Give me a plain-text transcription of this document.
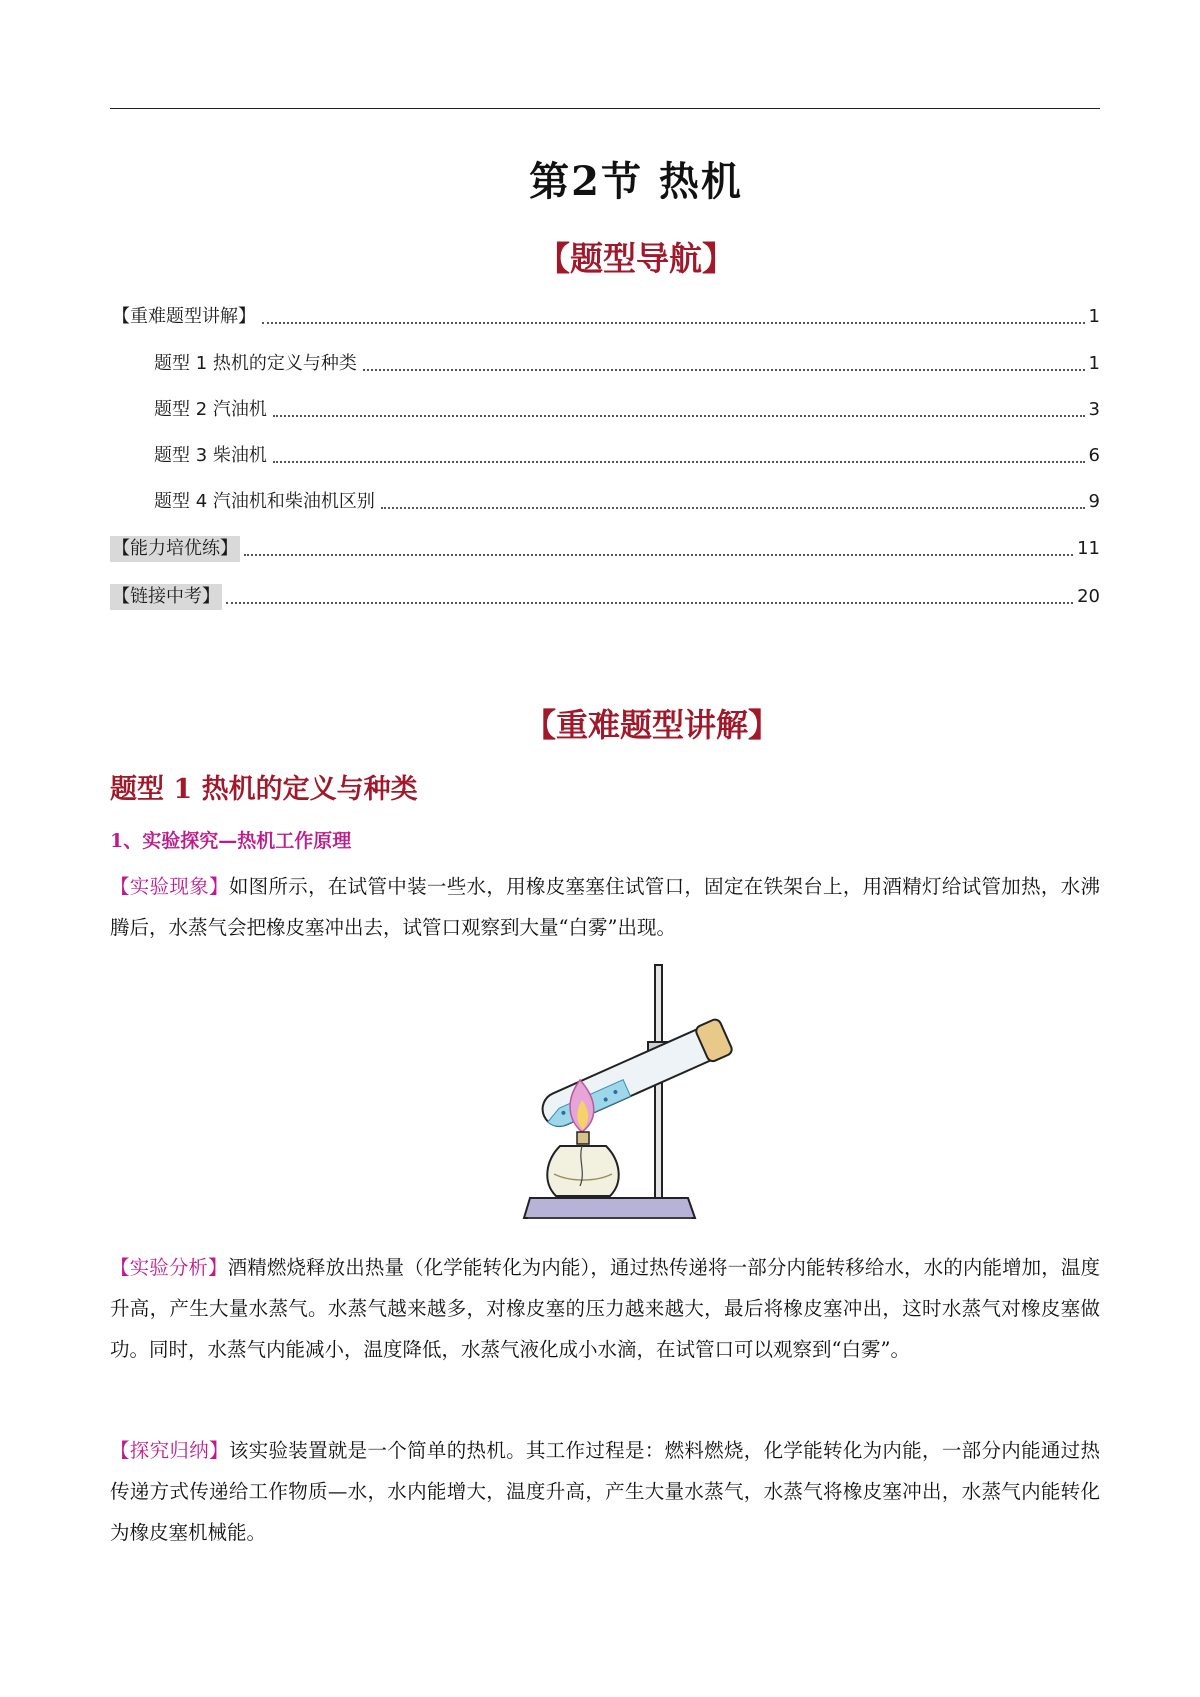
第2节 热机
【题型导航】
【重难题型讲解】	1
题型 1 热机的定义与种类	1
题型 2 汽油机	3
题型 3 柴油机	6
题型 4 汽油机和柴油机区别	9
【能力培优练】	11
【链接中考】	20
【重难题型讲解】
题型 1 热机的定义与种类
1、实验探究—热机工作原理

【实验现象】如图所示，在试管中装一些水，用橡皮塞塞住试管口，固定在铁架台上，用酒精灯给试管加热，水沸腾后，水蒸气会把橡皮塞冲出去，试管口观察到大量“白雾”出现。

【实验分析】酒精燃烧释放出热量（化学能转化为内能），通过热传递将一部分内能转移给水，水的内能增加，温度升高，产生大量水蒸气。水蒸气越来越多，对橡皮塞的压力越来越大，最后将橡皮塞冲出，这时水蒸气对橡皮塞做功。同时，水蒸气内能减小，温度降低，水蒸气液化成小水滴，在试管口可以观察到“白雾”。

【探究归纳】该实验装置就是一个简单的热机。其工作过程是：燃料燃烧，化学能转化为内能，一部分内能通过热传递方式传递给工作物质—水，水内能增大，温度升高，产生大量水蒸气，水蒸气将橡皮塞冲出，水蒸气内能转化为橡皮塞机械能。
